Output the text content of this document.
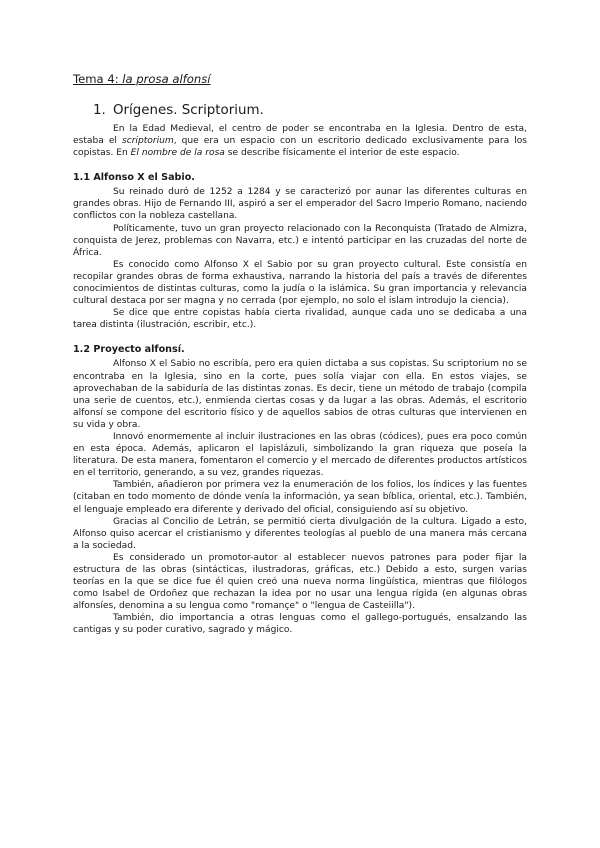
Tema 4: la prosa alfonsí
1. Orígenes. Scriptorium.

En la Edad Medieval, el centro de poder se encontraba en la Iglesia. Dentro de esta, estaba el scriptorium, que era un espacio con un escritorio dedicado exclusivamente para los copistas. En El nombre de la rosa se describe físicamente el interior de este espacio.

1.1 Alfonso X el Sabio.

Su reinado duró de 1252 a 1284 y se caracterizó por aunar las diferentes culturas en grandes obras. Hijo de Fernando III, aspiró a ser el emperador del Sacro Imperio Romano, naciendo conflictos con la nobleza castellana.

Políticamente, tuvo un gran proyecto relacionado con la Reconquista (Tratado de Almizra, conquista de Jerez, problemas con Navarra, etc.) e intentó participar en las cruzadas del norte de África.

Es conocido como Alfonso X el Sabio por su gran proyecto cultural. Este consistía en recopilar grandes obras de forma exhaustiva, narrando la historia del país a través de diferentes conocimientos de distintas culturas, como la judía o la islámica. Su gran importancia y relevancia cultural destaca por ser magna y no cerrada (por ejemplo, no solo el islam introdujo la ciencia).

Se dice que entre copistas había cierta rivalidad, aunque cada uno se dedicaba a una tarea distinta (ilustración, escribir, etc.).

1.2 Proyecto alfonsí.

Alfonso X el Sabio no escribía, pero era quien dictaba a sus copistas. Su scriptorium no se encontraba en la Iglesia, sino en la corte, pues solía viajar con ella. En estos viajes, se aprovechaban de la sabiduría de las distintas zonas. Es decir, tiene un método de trabajo (compila una serie de cuentos, etc.), enmienda ciertas cosas y da lugar a las obras. Además, el escritorio alfonsí se compone del escritorio físico y de aquellos sabios de otras culturas que intervienen en su vida y obra.

Innovó enormemente al incluir ilustraciones en las obras (códices), pues era poco común en esta época. Además, aplicaron el lapislázuli, simbolizando la gran riqueza que poseía la literatura. De esta manera, fomentaron el comercio y el mercado de diferentes productos artísticos en el territorio, generando, a su vez, grandes riquezas.

También, añadieron por primera vez la enumeración de los folios, los índices y las fuentes (citaban en todo momento de dónde venía la información, ya sean bíblica, oriental, etc.). También, el lenguaje empleado era diferente y derivado del oficial, consiguiendo así su objetivo.

Gracias al Concilio de Letrán, se permitió cierta divulgación de la cultura. Ligado a esto, Alfonso quiso acercar el cristianismo y diferentes teologías al pueblo de una manera más cercana a la sociedad.

Es considerado un promotor-autor al establecer nuevos patrones para poder fijar la estructura de las obras (sintácticas, ilustradoras, gráficas, etc.) Debido a esto, surgen varias teorías en la que se dice fue él quien creó una nueva norma lingüística, mientras que filólogos como Isabel de Ordoñez que rechazan la idea por no usar una lengua rígida (en algunas obras alfonsíes, denomina a su lengua como "romançe" o "lengua de Casteiilla").

También, dio importancia a otras lenguas como el gallego-portugués, ensalzando las cantigas y su poder curativo, sagrado y mágico.
